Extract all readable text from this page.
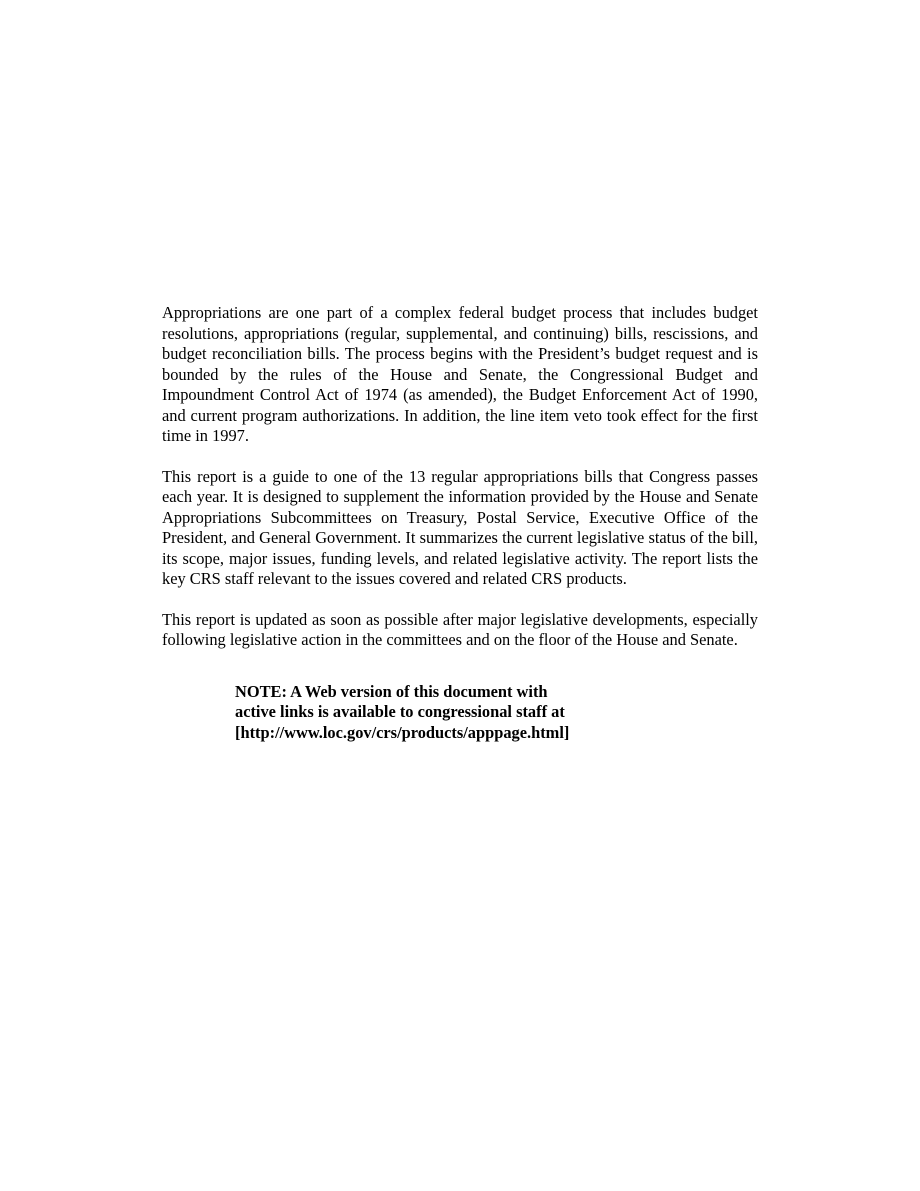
Appropriations are one part of a complex federal budget process that includes budget resolutions, appropriations (regular, supplemental, and continuing) bills, rescissions, and budget reconciliation bills. The process begins with the President’s budget request and is bounded by the rules of the House and Senate, the Congressional Budget and Impoundment Control Act of 1974 (as amended), the Budget Enforcement Act of 1990, and current program authorizations. In addition, the line item veto took effect for the first time in 1997.

This report is a guide to one of the 13 regular appropriations bills that Congress passes each year. It is designed to supplement the information provided by the House and Senate Appropriations Subcommittees on Treasury, Postal Service, Executive Office of the President, and General Government. It summarizes the current legislative status of the bill, its scope, major issues, funding levels, and related legislative activity. The report lists the key CRS staff relevant to the issues covered and related CRS products.

This report is updated as soon as possible after major legislative developments, especially following legislative action in the committees and on the floor of the House and Senate.

NOTE: A Web version of this document with
active links is available to congressional staff at
[http://www.loc.gov/crs/products/apppage.html]
